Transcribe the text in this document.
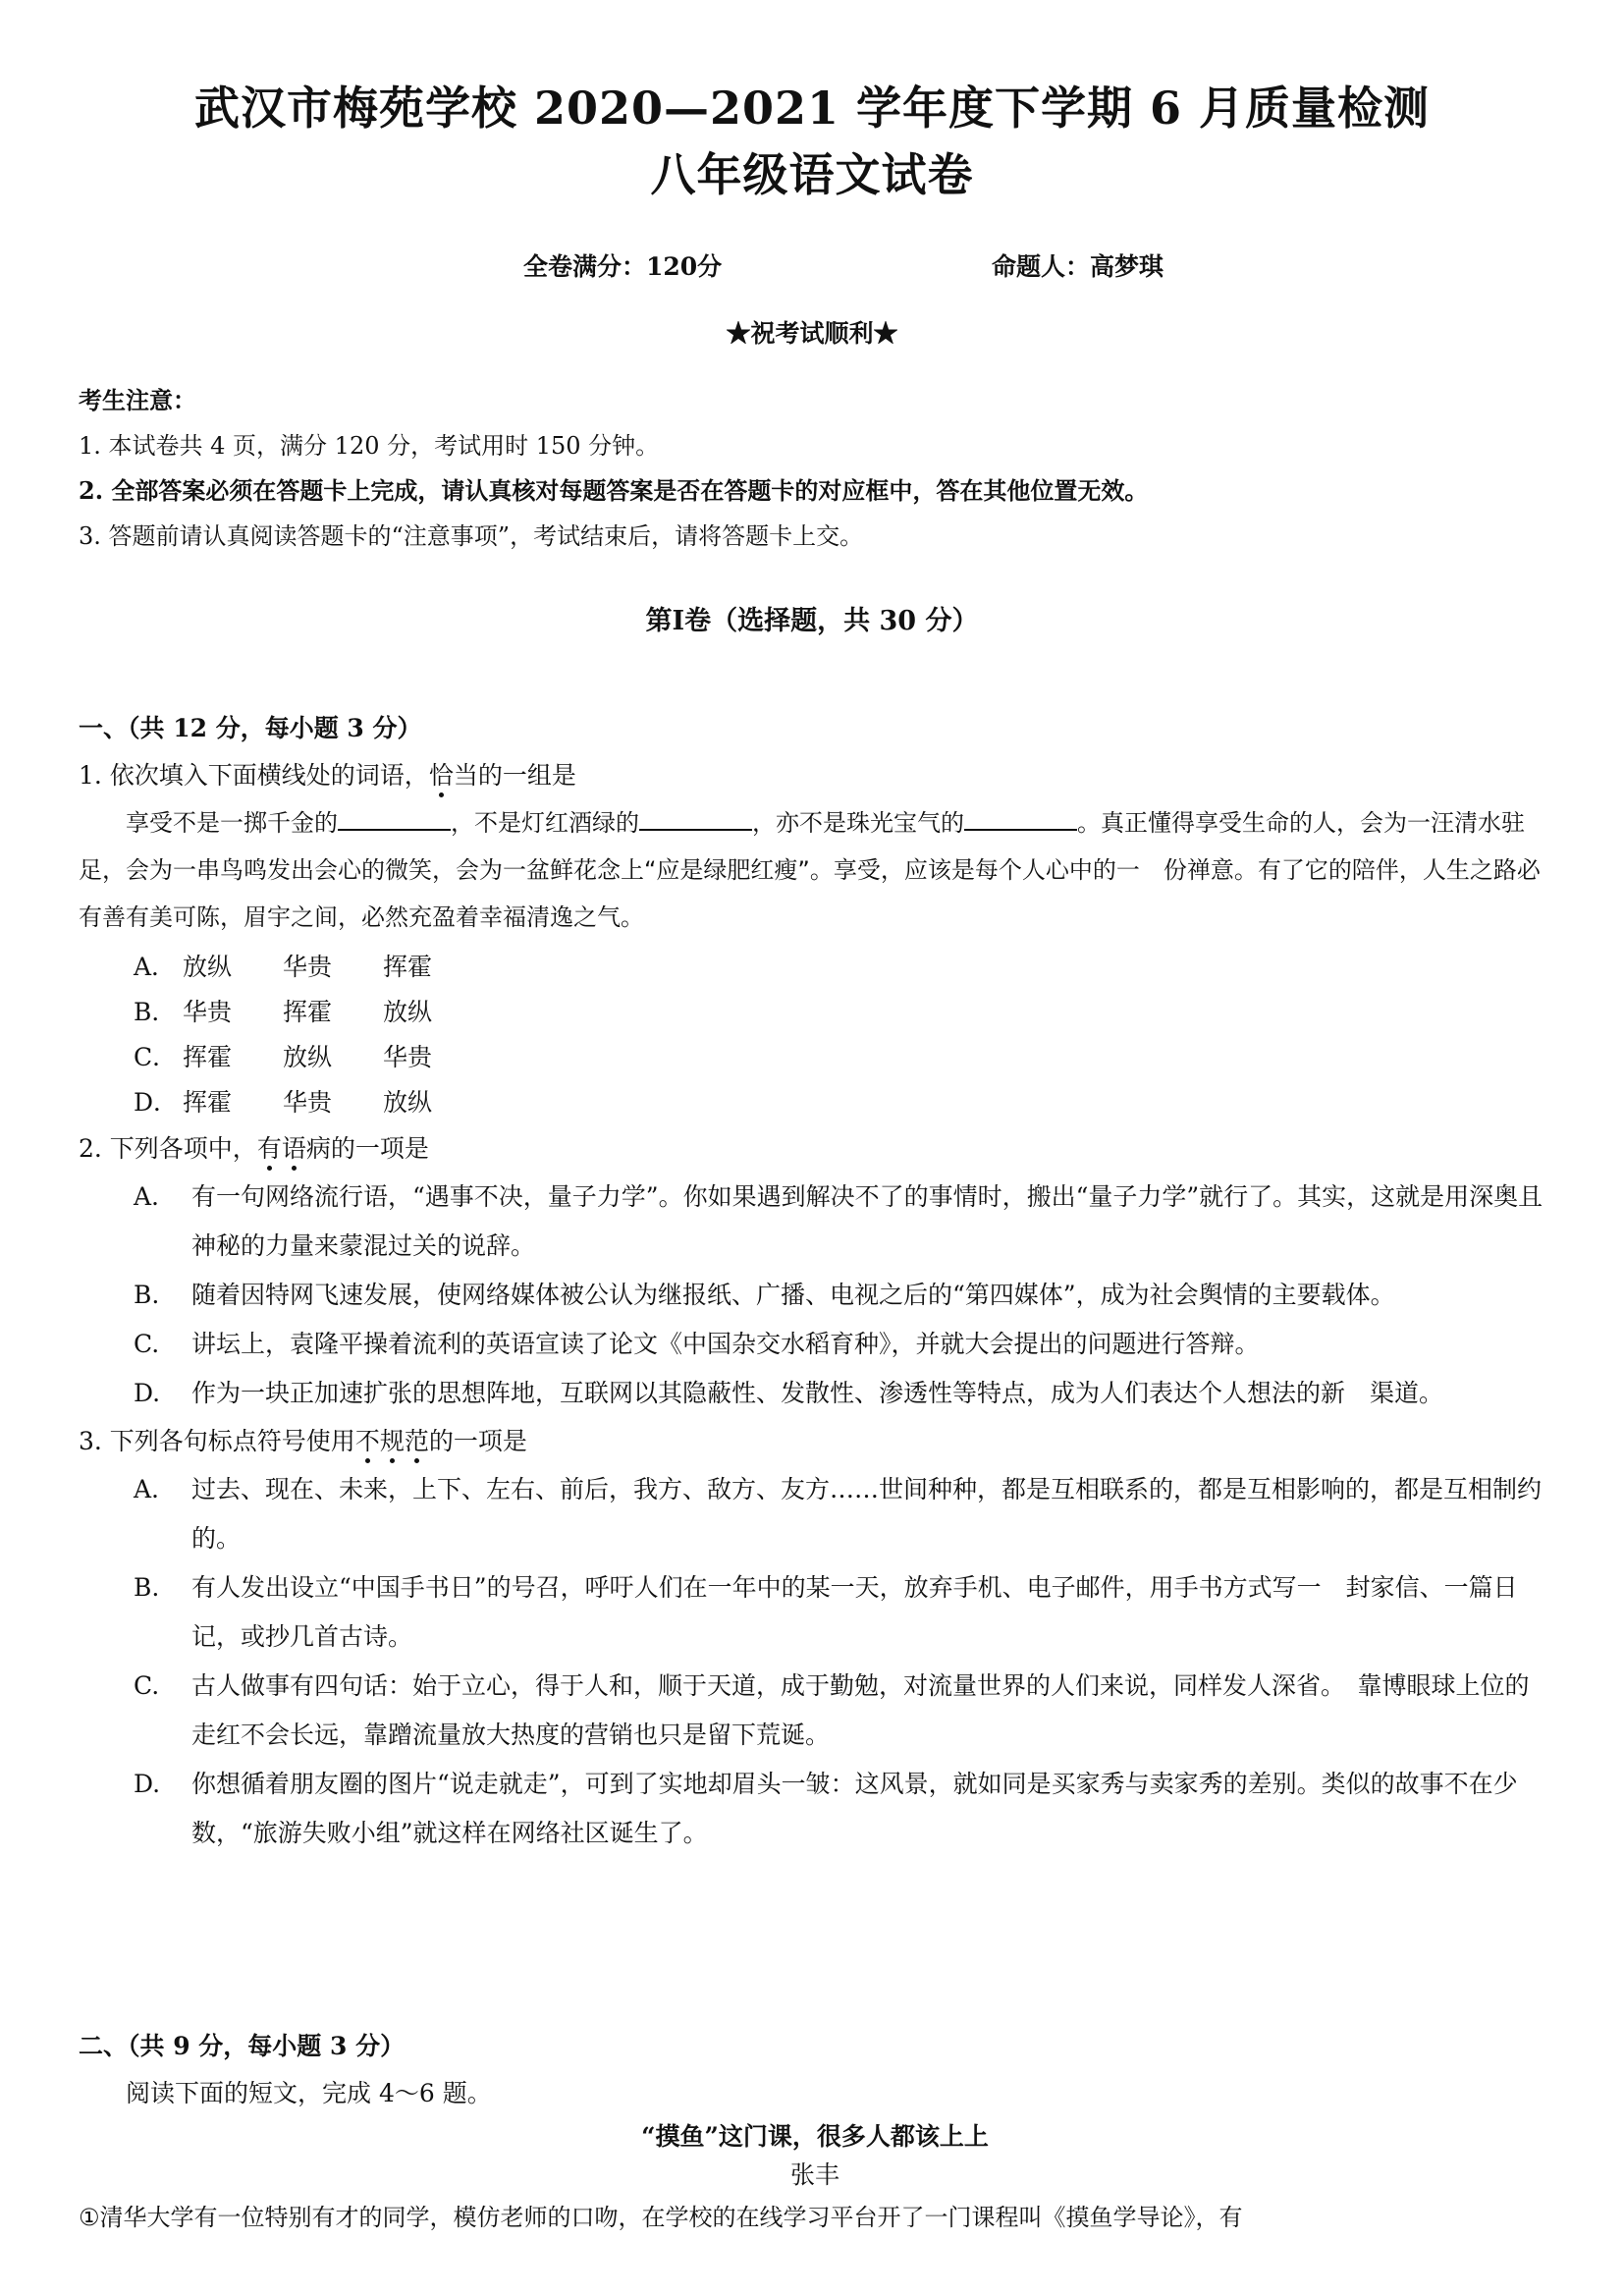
武汉市梅苑学校 2020—2021 学年度下学期 6 月质量检测
八年级语文试卷
全卷满分：120分	命题人：高梦琪
★祝考试顺利★
考生注意：
1. 本试卷共 4 页，满分 120 分，考试用时 150 分钟。
2. 全部答案必须在答题卡上完成，请认真核对每题答案是否在答题卡的对应框中，答在其他位置无效。
3. 答题前请认真阅读答题卡的“注意事项”，考试结束后，请将答题卡上交。
第Ⅰ卷（选择题，共 30 分）
一、（共 12 分，每小题 3 分）
1. 依次填入下面横线处的词语，恰当的一组是
享受不是一掷千金的	，不是灯红酒绿的	，亦不是珠光宝气的	。真正懂得享受生命的人，会为一汪清水驻足，会为一串鸟鸣发出会心的微笑，会为一盆鲜花念上“应是绿肥红瘦”。享受，应该是每个人心中的一　份禅意。有了它的陪伴，人生之路必有善有美可陈，眉宇之间，必然充盈着幸福清逸之气。
A． 放纵 华贵 挥霍
B． 华贵 挥霍 放纵
C． 挥霍 放纵 华贵
D． 挥霍 华贵 放纵
2. 下列各项中，有语病的一项是
A. 有一句网络流行语，“遇事不决，量子力学”。你如果遇到解决不了的事情时，搬出“量子力学”就行了。其实，这就是用深奥且神秘的力量来蒙混过关的说辞。
B. 随着因特网飞速发展，使网络媒体被公认为继报纸、广播、电视之后的“第四媒体”，成为社会舆情的主要载体。
C. 讲坛上，袁隆平操着流利的英语宣读了论文《中国杂交水稻育种》，并就大会提出的问题进行答辩。
D. 作为一块正加速扩张的思想阵地，互联网以其隐蔽性、发散性、渗透性等特点，成为人们表达个人想法的新　渠道。
3. 下列各句标点符号使用不规范的一项是
A. 过去、现在、未来，上下、左右、前后，我方、敌方、友方……世间种种，都是互相联系的，都是互相影响的，都是互相制约的。
B. 有人发出设立“中国手书日”的号召，呼吁人们在一年中的某一天，放弃手机、电子邮件，用手书方式写一　封家信、一篇日记，或抄几首古诗。
C. 古人做事有四句话：始于立心，得于人和，顺于天道，成于勤勉，对流量世界的人们来说，同样发人深省。　靠博眼球上位的走红不会长远，靠蹭流量放大热度的营销也只是留下荒诞。
D. 你想循着朋友圈的图片“说走就走”，可到了实地却眉头一皱：这风景，就如同是买家秀与卖家秀的差别。类似的故事不在少数，“旅游失败小组”就这样在网络社区诞生了。
二、（共 9 分，每小题 3 分）
阅读下面的短文，完成 4～6 题。
“摸鱼”这门课，很多人都该上上
张丰
①清华大学有一位特别有才的同学，模仿老师的口吻，在学校的在线学习平台开了一门课程叫《摸鱼学导论》，有
